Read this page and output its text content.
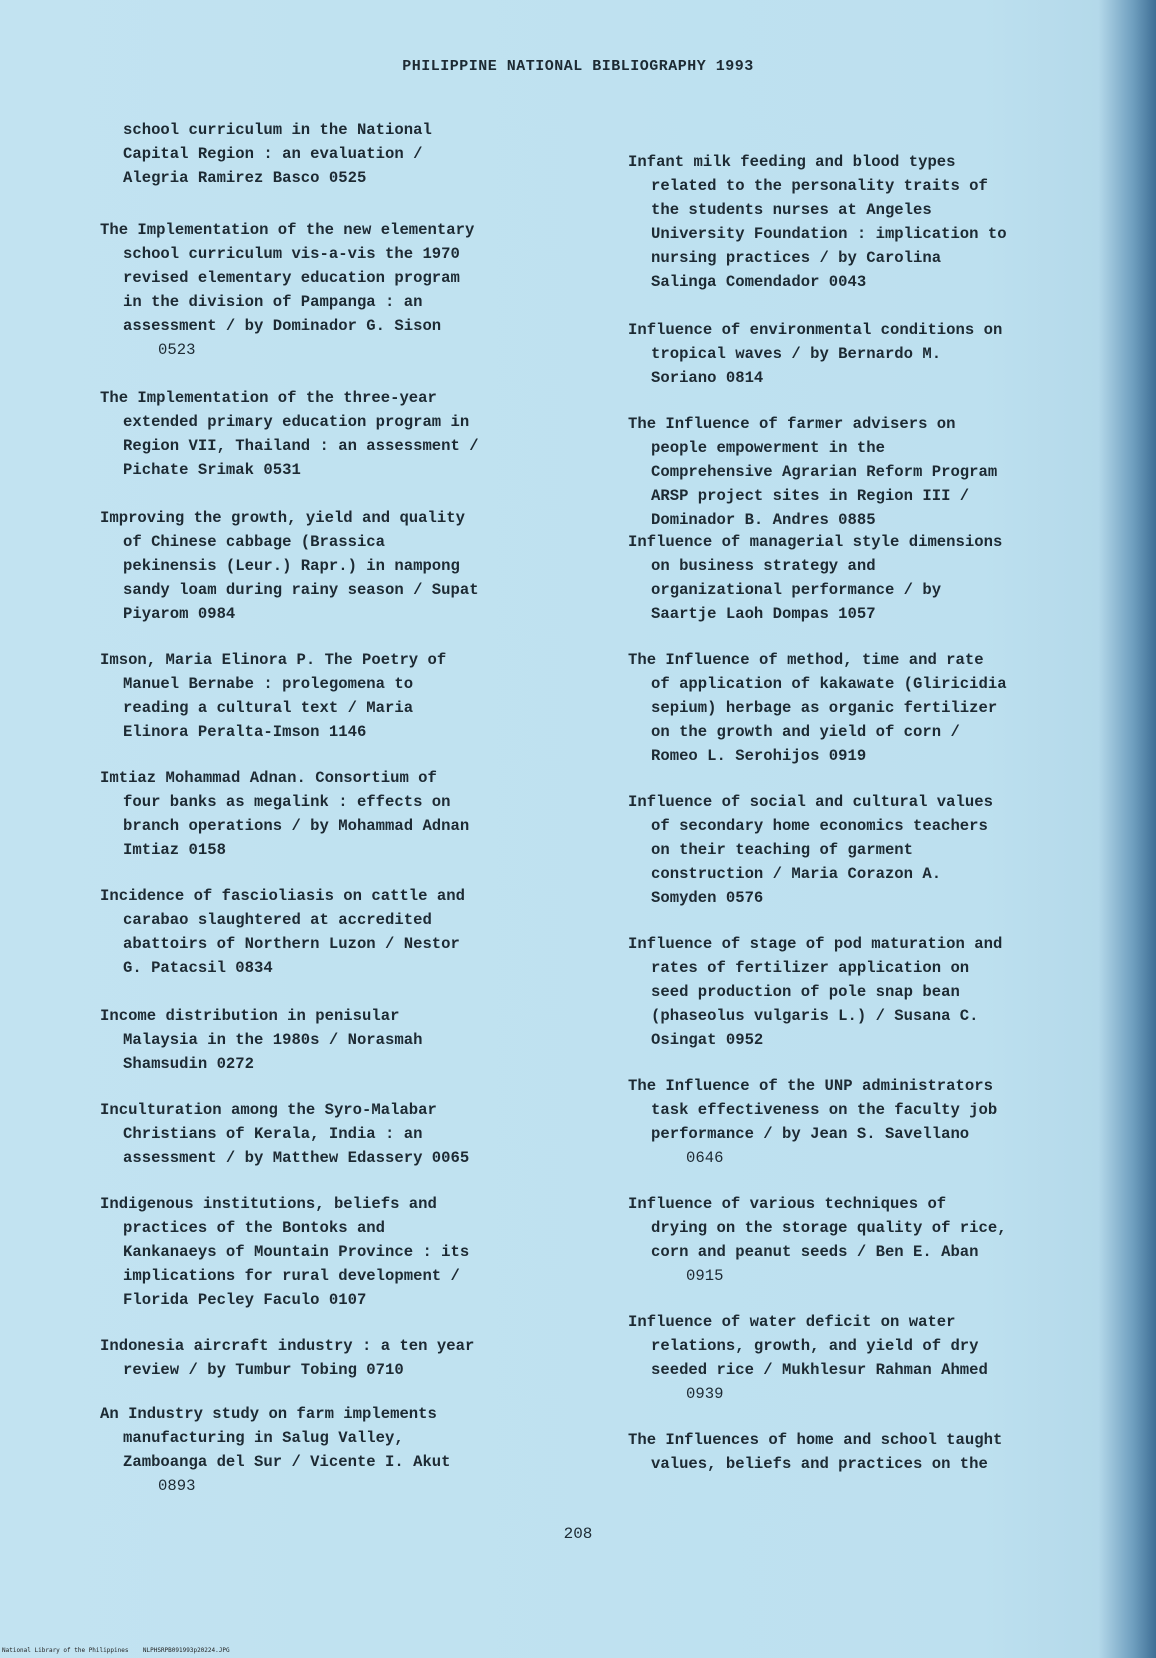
PHILIPPINE NATIONAL BIBLIOGRAPHY 1993
school curriculum in the National
Capital Region : an evaluation /
Alegria Ramirez Basco 0525
The Implementation of the new elementary
school curriculum vis-a-vis the 1970
revised elementary education program
in the division of Pampanga : an
assessment / by Dominador G. Sison
0523
The Implementation of the three-year
extended primary education program in
Region VII, Thailand : an assessment /
Pichate Srimak 0531
Improving the growth, yield and quality
of Chinese cabbage (Brassica
pekinensis (Leur.) Rapr.) in nampong
sandy loam during rainy season / Supat
Piyarom 0984
Imson, Maria Elinora P. The Poetry of
Manuel Bernabe : prolegomena to
reading a cultural text / Maria
Elinora Peralta-Imson 1146
Imtiaz Mohammad Adnan. Consortium of
four banks as megalink : effects on
branch operations / by Mohammad Adnan
Imtiaz 0158
Incidence of fascioliasis on cattle and
carabao slaughtered at accredited
abattoirs of Northern Luzon / Nestor
G. Patacsil 0834
Income distribution in penisular
Malaysia in the 1980s / Norasmah
Shamsudin 0272
Inculturation among the Syro-Malabar
Christians of Kerala, India : an
assessment / by Matthew Edassery 0065
Indigenous institutions, beliefs and
practices of the Bontoks and
Kankanaeys of Mountain Province : its
implications for rural development /
Florida Pecley Faculo 0107
Indonesia aircraft industry : a ten year
review / by Tumbur Tobing 0710
An Industry study on farm implements
manufacturing in Salug Valley,
Zamboanga del Sur / Vicente I. Akut
0893
Infant milk feeding and blood types
related to the personality traits of
the students nurses at Angeles
University Foundation : implication to
nursing practices / by Carolina
Salinga Comendador 0043
Influence of environmental conditions on
tropical waves / by Bernardo M.
Soriano 0814
The Influence of farmer advisers on
people empowerment in the
Comprehensive Agrarian Reform Program
ARSP project sites in Region III /
Dominador B. Andres 0885
Influence of managerial style dimensions
on business strategy and
organizational performance / by
Saartje Laoh Dompas 1057
The Influence of method, time and rate
of application of kakawate (Gliricidia
sepium) herbage as organic fertilizer
on the growth and yield of corn /
Romeo L. Serohijos 0919
Influence of social and cultural values
of secondary home economics teachers
on their teaching of garment
construction / Maria Corazon A.
Somyden 0576
Influence of stage of pod maturation and
rates of fertilizer application on
seed production of pole snap bean
(phaseolus vulgaris L.) / Susana C.
Osingat 0952
The Influence of the UNP administrators
task effectiveness on the faculty job
performance / by Jean S. Savellano
0646
Influence of various techniques of
drying on the storage quality of rice,
corn and peanut seeds / Ben E. Aban
0915
Influence of water deficit on water
relations, growth, and yield of dry
seeded rice / Mukhlesur Rahman Ahmed
0939
The Influences of home and school taught
values, beliefs and practices on the
208
National Library of the Philippines    NLPHSRPB091993p20224.JPG
